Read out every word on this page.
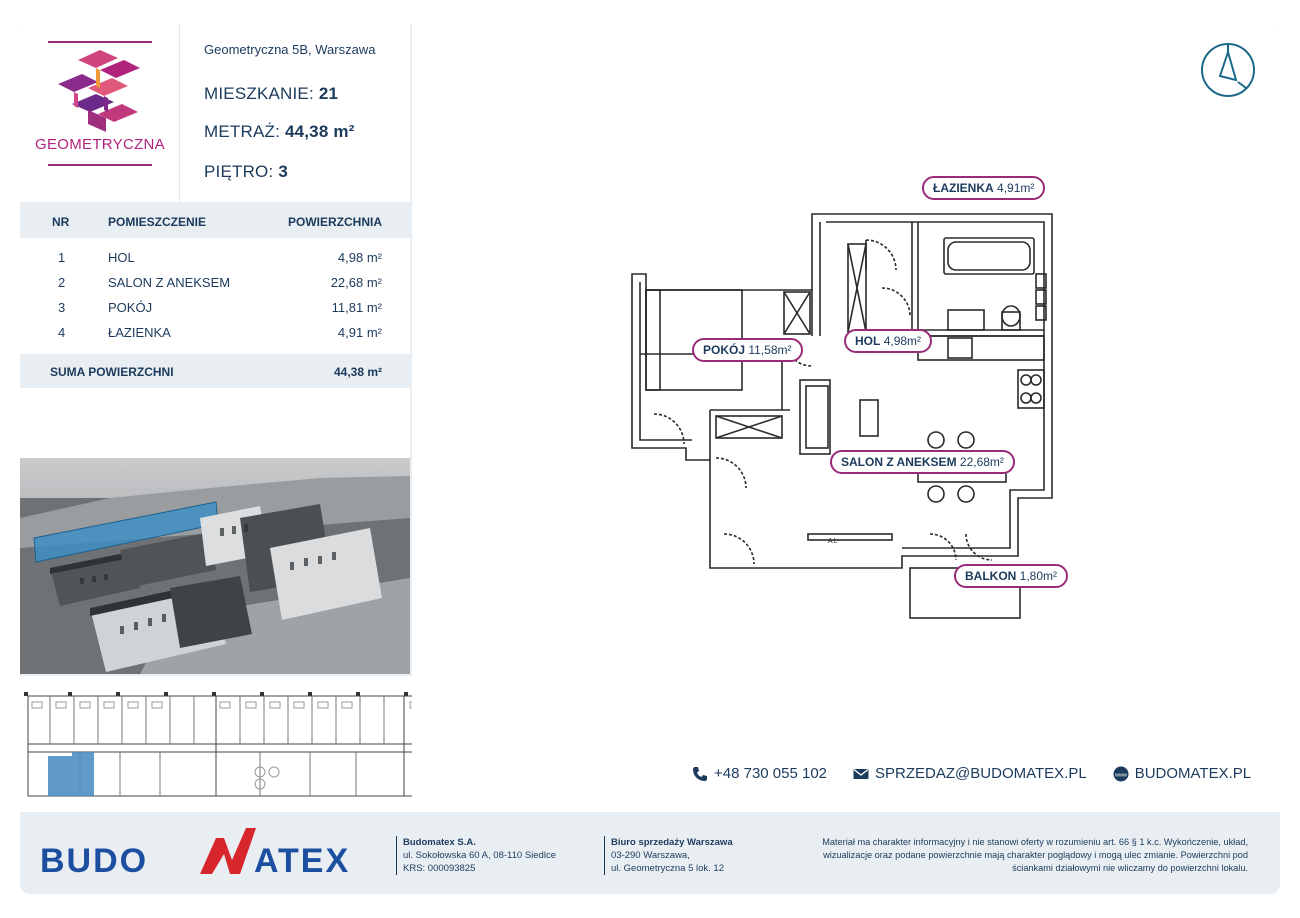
GEOMETRYCZNA
Geometryczna 5B, Warszawa
MIESZKANIE: 21
METRAŻ: 44,38 m²
PIĘTRO: 3
NR	POMIESZCZENIE	POWIERZCHNIA
1	HOL	4,98 m²
2	SALON Z ANEKSEM	22,68 m²
3	POKÓJ	11,81 m²
4	ŁAZIENKA	4,91 m²
SUMA POWIERZCHNI	44,38 m²
AL
ŁAZIENKA 4,91m²
HOL 4,98m²
POKÓJ 11,58m²
SALON Z ANEKSEM 22,68m²
BALKON 1,80m²
+48 730 055 102	SPRZEDAZ@BUDOMATEX.PL	www BUDOMATEX.PL
BUDO	ATEX	Budomatex S.A.
ul. Sokołowska 60 A, 08-110 Siedlce
KRS: 000093825
Biuro sprzedaży Warszawa
03-290 Warszawa,
ul. Geometryczna 5 lok. 12
Materiał ma charakter informacyjny i nie stanowi oferty w rozumieniu art. 66 § 1 k.c. Wykończenie, układ,
wizualizacje oraz podane powierzchnie mają charakter poglądowy i mogą ulec zmianie. Powierzchni pod
ściankami działowymi nie wliczamy do powierzchni lokalu.
